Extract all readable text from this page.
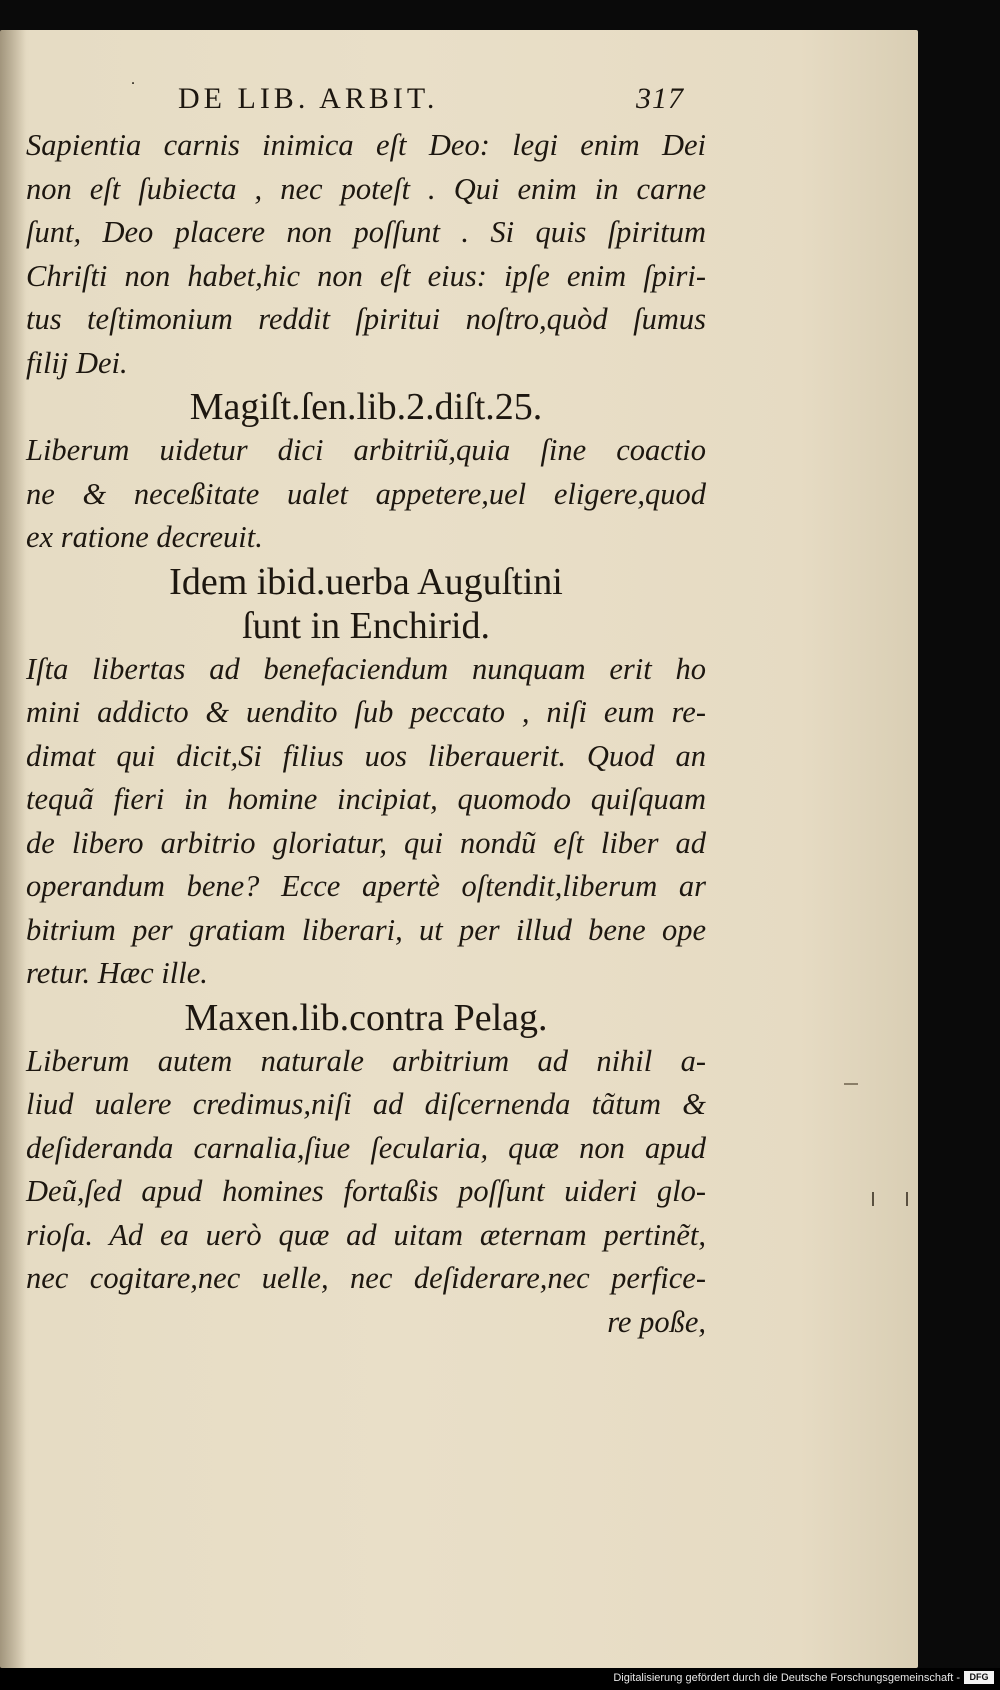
˙ DE LIB. ARBIT.	317

Sapientia carnis inimica eſt Deo: legi enim Dei
non eſt ſubiecta , nec poteſt . Qui enim in carne
ſunt, Deo placere non poſſunt . Si quis ſpiritum
Chriſti non habet,hic non eſt eius: ipſe enim ſpiri-
tus teſtimonium reddit ſpiritui noſtro,quòd ſumus
filij Dei.

Magiſt.ſen.lib.2.diſt.25.

Liberum uidetur dici arbitriũ,quia ſine coactio
ne & neceßitate ualet appetere,uel eligere,quod
ex ratione decreuit.

Idem ibid.uerba Auguſtini
ſunt in Enchirid.

Iſta libertas ad benefaciendum nunquam erit ho
mini addicto & uendito ſub peccato , niſi eum re-
dimat qui dicit,Si filius uos liberauerit. Quod an
tequã fieri in homine incipiat, quomodo quiſquam
de libero arbitrio gloriatur, qui nondũ eſt liber ad
operandum bene? Ecce apertè oſtendit,liberum ar
bitrium per gratiam liberari, ut per illud bene ope
retur. Hæc ille.

Maxen.lib.contra Pelag.

Liberum autem naturale arbitrium ad nihil a-
liud ualere credimus,niſi ad diſcernenda tãtum &
deſideranda carnalia,ſiue ſecularia, quæ non apud
Deũ,ſed apud homines fortaßis poſſunt uideri glo-
rioſa. Ad ea uerò quæ ad uitam æternam pertinẽt,
nec cogitare,nec uelle, nec deſiderare,nec perfice-
re poße,

Digitalisierung gefördert durch die Deutsche Forschungsgemeinschaft -	DFG
